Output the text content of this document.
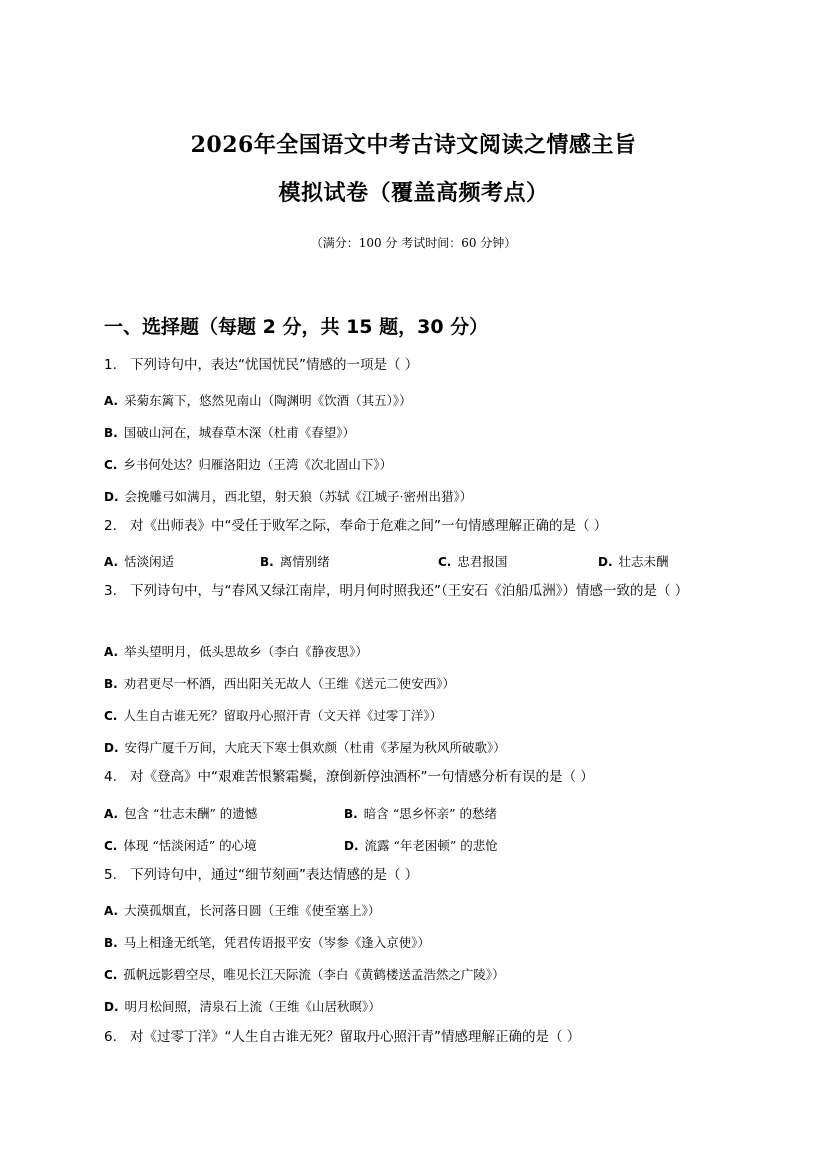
2026年全国语文中考古诗文阅读之情感主旨
模拟试卷（覆盖高频考点）
（满分：100 分 考试时间：60 分钟）
一、选择题（每题 2 分，共 15 题，30 分）
1. 下列诗句中，表达“忧国忧民”情感的一项是（ ）
A. 采菊东篱下，悠然见南山（陶渊明《饮酒（其五）》）
B. 国破山河在，城春草木深（杜甫《春望》）
C. 乡书何处达？归雁洛阳边（王湾《次北固山下》）
D. 会挽雕弓如满月，西北望，射天狼（苏轼《江城子·密州出猎》）
2. 对《出师表》中“受任于败军之际，奉命于危难之间”一句情感理解正确的是（ ）
A. 恬淡闲适	B. 离情别绪	C. 忠君报国	D. 壮志未酬
3. 下列诗句中，与“春风又绿江南岸，明月何时照我还”（王安石《泊船瓜洲》）情感一致的是（ ）
A. 举头望明月，低头思故乡（李白《静夜思》）
B. 劝君更尽一杯酒，西出阳关无故人（王维《送元二使安西》）
C. 人生自古谁无死？留取丹心照汗青（文天祥《过零丁洋》）
D. 安得广厦千万间，大庇天下寒士俱欢颜（杜甫《茅屋为秋风所破歌》）
4. 对《登高》中“艰难苦恨繁霜鬓，潦倒新停浊酒杯”一句情感分析有误的是（ ）
A. 包含 “壮志未酬” 的遗憾	B. 暗含 “思乡怀亲” 的愁绪
C. 体现 “恬淡闲适” 的心境	D. 流露 “年老困顿” 的悲怆
5. 下列诗句中，通过“细节刻画”表达情感的是（ ）
A. 大漠孤烟直，长河落日圆（王维《使至塞上》）
B. 马上相逢无纸笔，凭君传语报平安（岑参《逢入京使》）
C. 孤帆远影碧空尽，唯见长江天际流（李白《黄鹤楼送孟浩然之广陵》）
D. 明月松间照，清泉石上流（王维《山居秋暝》）
6. 对《过零丁洋》“人生自古谁无死？留取丹心照汗青”情感理解正确的是（ ）
